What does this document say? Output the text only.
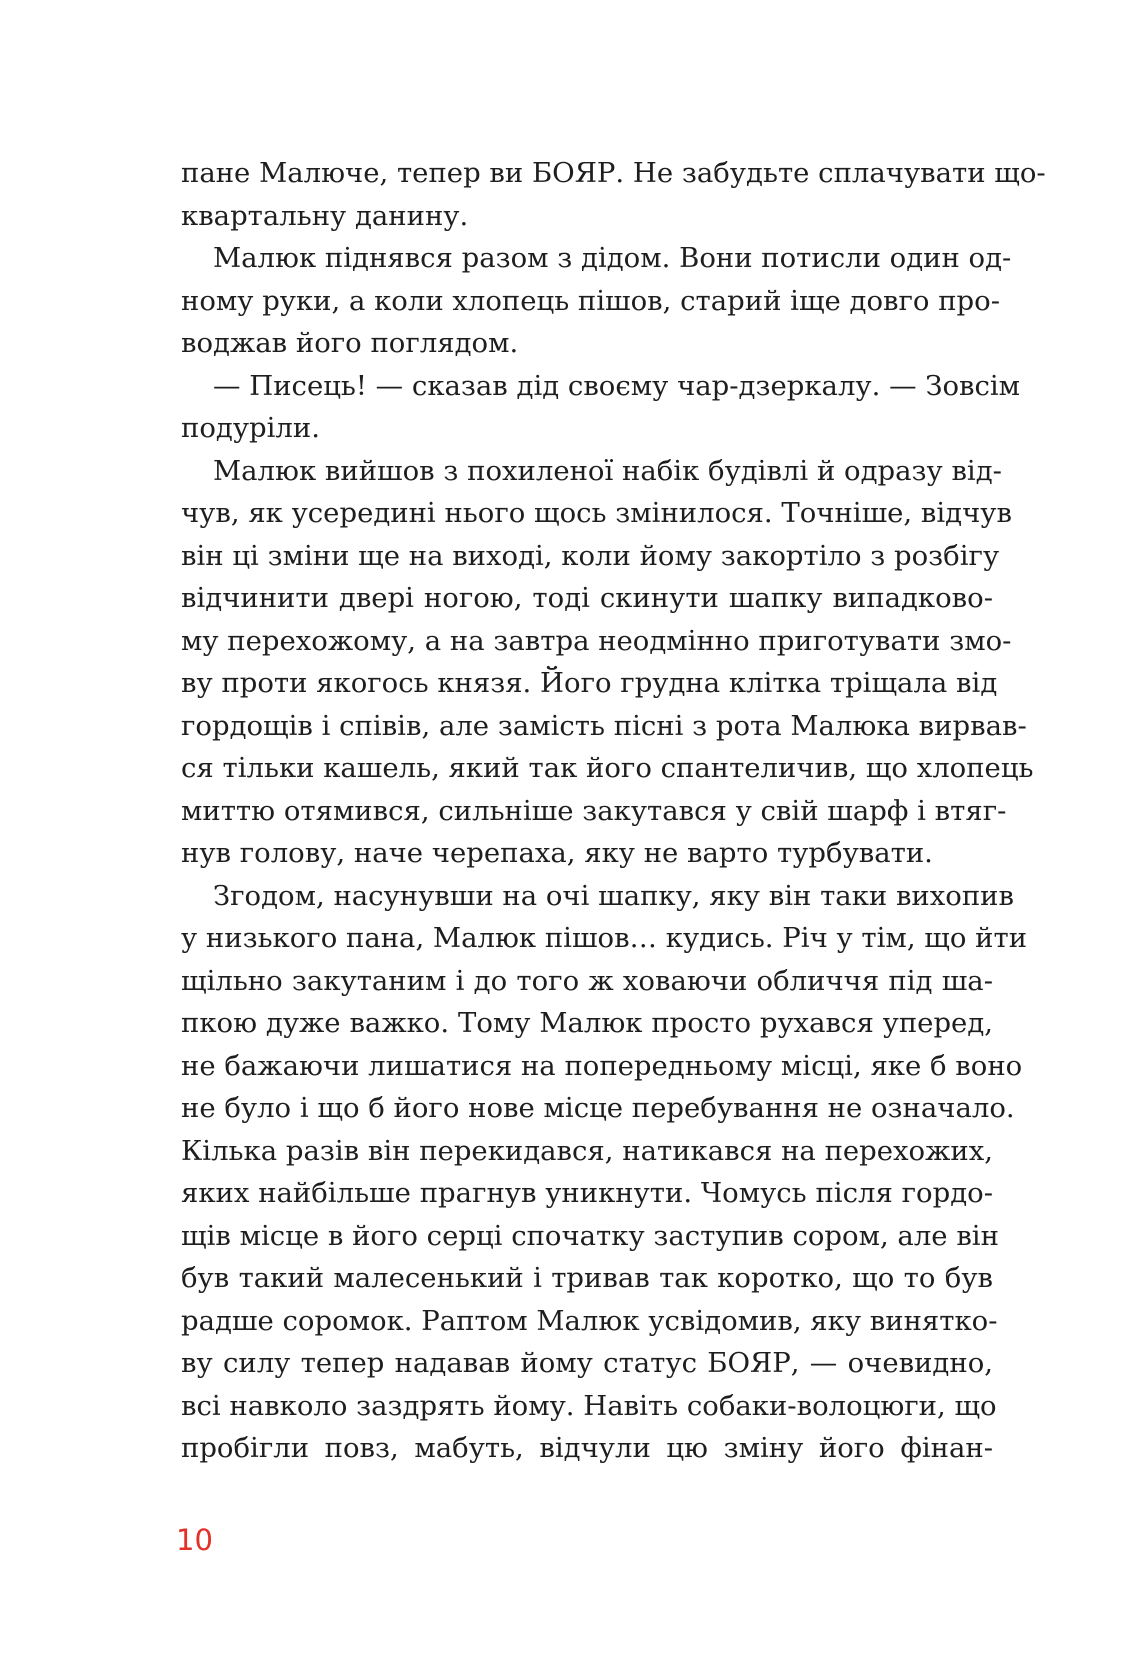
пане Малюче, тепер ви БОЯР. Не забудьте сплачувати що-
квартальну данину.
Малюк піднявся разом з дідом. Вони потисли один од-
ному руки, а коли хлопець пішов, старий іще довго про-
воджав його поглядом.
— Писець! — сказав дід своєму чар-дзеркалу. — Зовсім
подуріли.
Малюк вийшов з похиленої набік будівлі й одразу від-
чув, як усередині нього щось змінилося. Точніше, відчув
він ці зміни ще на виході, коли йому закортіло з розбігу
відчинити двері ногою, тоді скинути шапку випадково-
му перехожому, а на завтра неодмінно приготувати змо-
ву проти якогось князя. Його грудна клітка тріщала від
гордощів і співів, але замість пісні з рота Малюка вирвав-
ся тільки кашель, який так його спантеличив, що хлопець
миттю отямився, сильніше закутався у свій шарф і втяг-
нув голову, наче черепаха, яку не варто турбувати.
Згодом, насунувши на очі шапку, яку він таки вихопив
у низького пана, Малюк пішов… кудись. Річ у тім, що йти
щільно закутаним і до того ж ховаючи обличчя під ша-
пкою дуже важко. Тому Малюк просто рухався уперед,
не бажаючи лишатися на попередньому місці, яке б воно
не було і що б його нове місце перебування не означало.
Кілька разів він перекидався, натикався на перехожих,
яких найбільше прагнув уникнути. Чомусь після гордо-
щів місце в його серці спочатку заступив сором, але він
був такий малесенький і тривав так коротко, що то був
радше соромок. Раптом Малюк усвідомив, яку винятко-
ву силу тепер надавав йому статус БОЯР, — очевидно,
всі навколо заздрять йому. Навіть собаки-волоцюги, що
пробігли повз, мабуть, відчули цю зміну його фінан-
10
